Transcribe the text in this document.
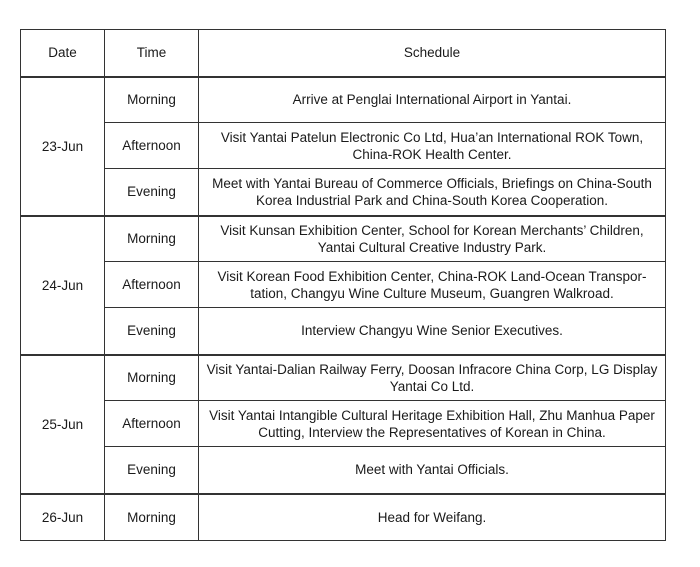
Date	Time	Schedule
23-Jun	Morning	Arrive at Penglai International Airport in Yantai.
	Afternoon	Visit Yantai Patelun Electronic Co Ltd, Hua’an International ROK Town, China-ROK Health Center.
	Evening	Meet with Yantai Bureau of Commerce Officials, Briefings on China-South Korea Industrial Park and China-South Korea Cooperation.
24-Jun	Morning	Visit Kunsan Exhibition Center, School for Korean Merchants’ Children, Yantai Cultural Creative Industry Park.
	Afternoon	Visit Korean Food Exhibition Center, China-ROK Land-Ocean Transpor-tation, Changyu Wine Culture Museum, Guangren Walkroad.
	Evening	Interview Changyu Wine Senior Executives.
25-Jun	Morning	Visit Yantai-Dalian Railway Ferry, Doosan Infracore China Corp, LG Display Yantai Co Ltd.
	Afternoon	Visit Yantai Intangible Cultural Heritage Exhibition Hall, Zhu Manhua Paper Cutting, Interview the Representatives of Korean in China.
	Evening	Meet with Yantai Officials.
26-Jun	Morning	Head for Weifang.
